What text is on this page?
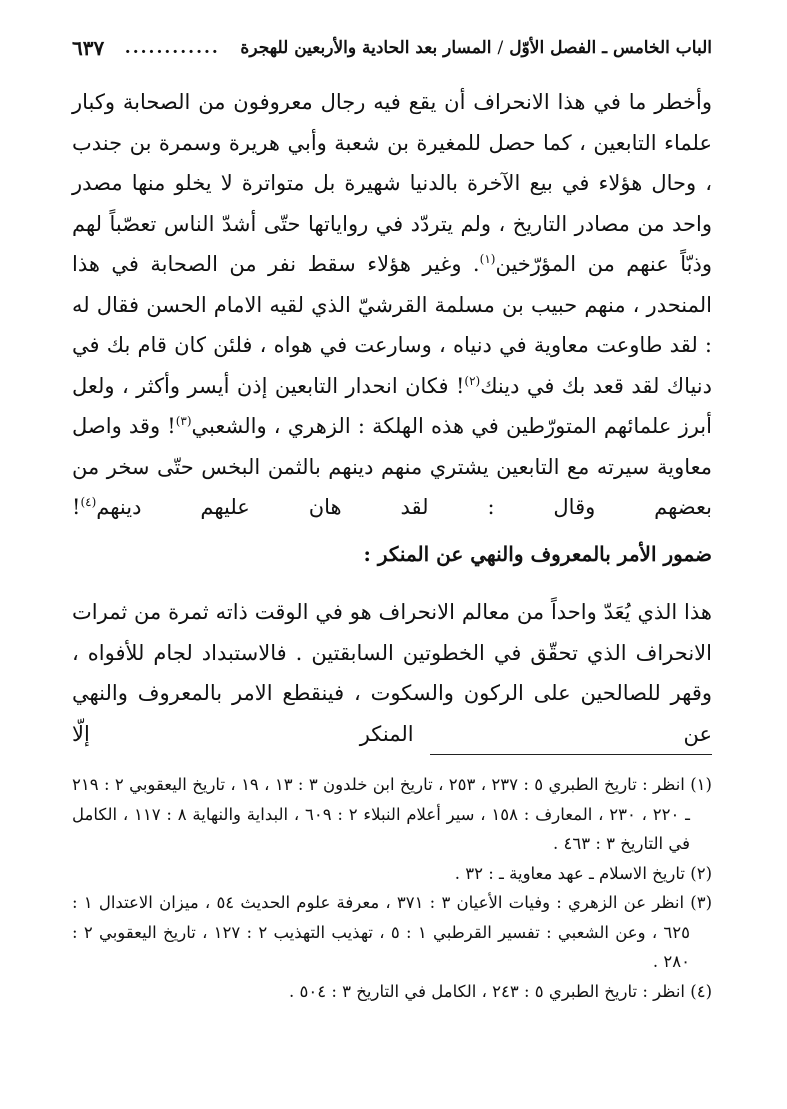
الباب الخامس ـ الفصل الأوّل
/
المسار بعد الحادية والأربعين للهجرة
............
٦٣٧

وأخطر ما في هذا الانحراف أن يقع فيه رجال معروفون من الصحابة وكبار علماء التابعين ، كما حصل للمغيرة بن شعبة وأبي هريرة وسمرة بن جندب ، وحال هؤلاء في بيع الآخرة بالدنيا شهيرة بل متواترة لا يخلو منها مصدر واحد من مصادر التاريخ ، ولم يتردّد في رواياتها حتّى أشدّ الناس تعصّباً لهم وذبّاً عنهم من المؤرّخين$^{(١)}$. وغير هؤلاء سقط نفر من الصحابة في هذا المنحدر ، منهم حبيب بن مسلمة القرشيّ الذي لقيه الامام الحسن فقال له : لقد طاوعت معاوية في دنياه ، وسارعت في هواه ، فلئن كان قام بك في دنياك لقد قعد بك في دينك$^{(٢)}$! فكان انحدار التابعين إذن أيسر وأكثر ، ولعل أبرز علمائهم المتورّطين في هذه الهلكة : الزهري ، والشعبي$^{(٣)}$! وقد واصل معاوية سيرته مع التابعين يشتري منهم دينهم بالثمن البخس حتّى سخر من بعضهم وقال : لقد هان عليهم دينهم$^{(٤)}$!

ضمور الأمر بالمعروف والنهي عن المنكر :

هذا الذي يُعَدّ واحداً من معالم الانحراف هو في الوقت ذاته ثمرة من ثمرات الانحراف الذي تحقّق في الخطوتين السابقتين . فالاستبداد لجام للأفواه ، وقهر للصالحين على الركون والسكوت ، فينقطع الامر بالمعروف والنهي عن المنكر إلّا

(١) انظر : تاريخ الطبري ٥ : ٢٣٧ ، ٢٥٣ ، تاريخ ابن خلدون ٣ : ١٣ ، ١٩ ، تاريخ اليعقوبي ٢ : ٢١٩ ـ ٢٢٠ ، ٢٣٠ ، المعارف : ١٥٨ ، سير أعلام النبلاء ٢ : ٦٠٩ ، البداية والنهاية ٨ : ١١٧ ، الكامل في التاريخ ٣ : ٤٦٣ .

(٢) تاريخ الاسلام ـ عهد معاوية ـ : ٣٢ .

(٣) انظر عن الزهري : وفيات الأعيان ٣ : ٣٧١ ، معرفة علوم الحديث ٥٤ ، ميزان الاعتدال ١ : ٦٢٥ ، وعن الشعبي : تفسير القرطبي ١ : ٥ ، تهذيب التهذيب ٢ : ١٢٧ ، تاريخ اليعقوبي ٢ : ٢٨٠ .

(٤) انظر : تاريخ الطبري ٥ : ٢٤٣ ، الكامل في التاريخ ٣ : ٥٠٤ .
